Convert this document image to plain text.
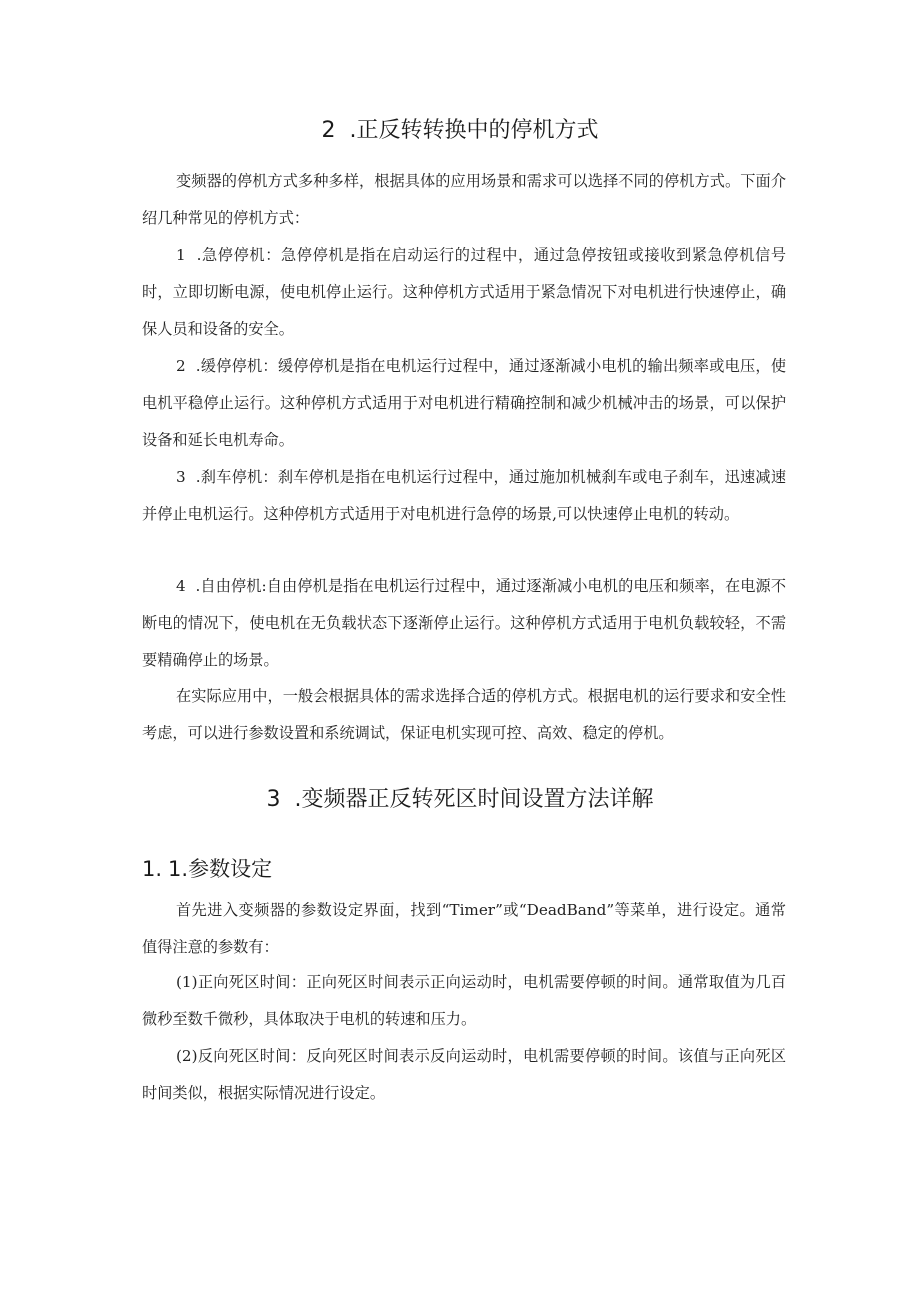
2 .正反转转换中的停机方式
变频器的停机方式多种多样，根据具体的应用场景和需求可以选择不同的停机方式。下面介绍几种常见的停机方式：
1 .急停停机：急停停机是指在启动运行的过程中，通过急停按钮或接收到紧急停机信号时，立即切断电源，使电机停止运行。这种停机方式适用于紧急情况下对电机进行快速停止，确保人员和设备的安全。
2 .缓停停机：缓停停机是指在电机运行过程中，通过逐渐减小电机的输出频率或电压，使电机平稳停止运行。这种停机方式适用于对电机进行精确控制和减少机械冲击的场景，可以保护设备和延长电机寿命。
3 .刹车停机：刹车停机是指在电机运行过程中，通过施加机械刹车或电子刹车，迅速减速并停止电机运行。这种停机方式适用于对电机进行急停的场景,可以快速停止电机的转动。
4 .自由停机:自由停机是指在电机运行过程中，通过逐渐减小电机的电压和频率，在电源不断电的情况下，使电机在无负载状态下逐渐停止运行。这种停机方式适用于电机负载较轻，不需要精确停止的场景。
在实际应用中，一般会根据具体的需求选择合适的停机方式。根据电机的运行要求和安全性考虑，可以进行参数设置和系统调试，保证电机实现可控、高效、稳定的停机。
3 .变频器正反转死区时间设置方法详解
1. 1.参数设定
首先进入变频器的参数设定界面，找到“Timer”或“DeadBand”等菜单，进行设定。通常值得注意的参数有：
(1)正向死区时间：正向死区时间表示正向运动时，电机需要停顿的时间。通常取值为几百微秒至数千微秒，具体取决于电机的转速和压力。
(2)反向死区时间：反向死区时间表示反向运动时，电机需要停顿的时间。该值与正向死区时间类似，根据实际情况进行设定。
